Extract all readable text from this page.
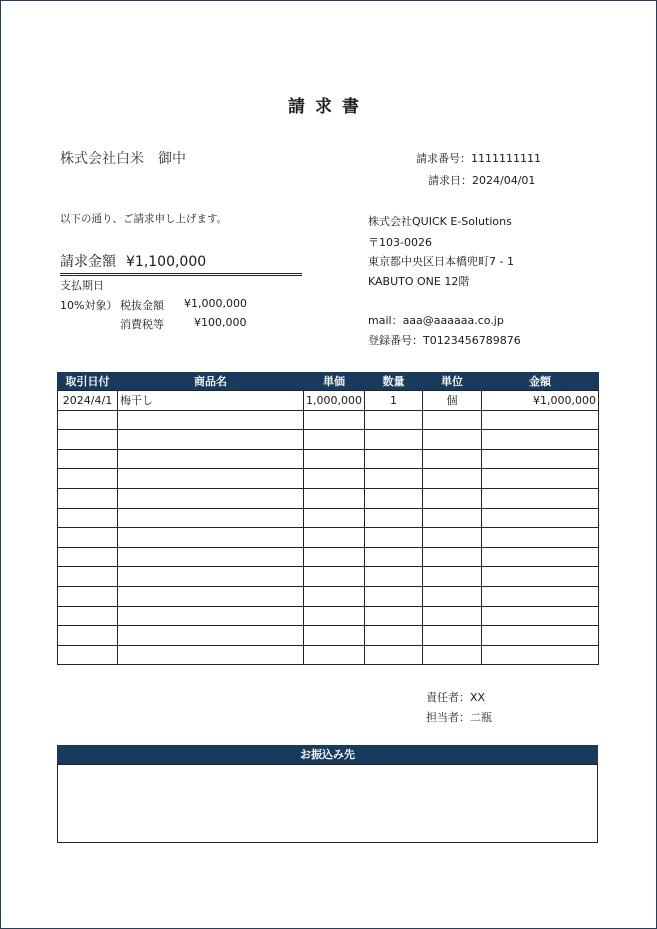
請求書
株式会社白米　御中	請求番号：1111111111
請求日：2024/04/01
以下の通り、ご請求申し上げます。	株式会社QUICK E-Solutions
〒103-0026
東京都中央区日本橋兜町7 - 1
KABUTO ONE 12階
mail：aaa@aaaaaa.co.jp
登録番号：T0123456789876
請求金額 ¥1,100,000
支払期日
10%対象） 税抜金額 ¥1,000,000
消費税等	¥100,000
取引日付	商品名	単価	数量	単位	金額
2024/4/1	梅干し	1,000,000	1	個	¥1,000,000

責任者：XX
担当者：二瓶
お振込み先
